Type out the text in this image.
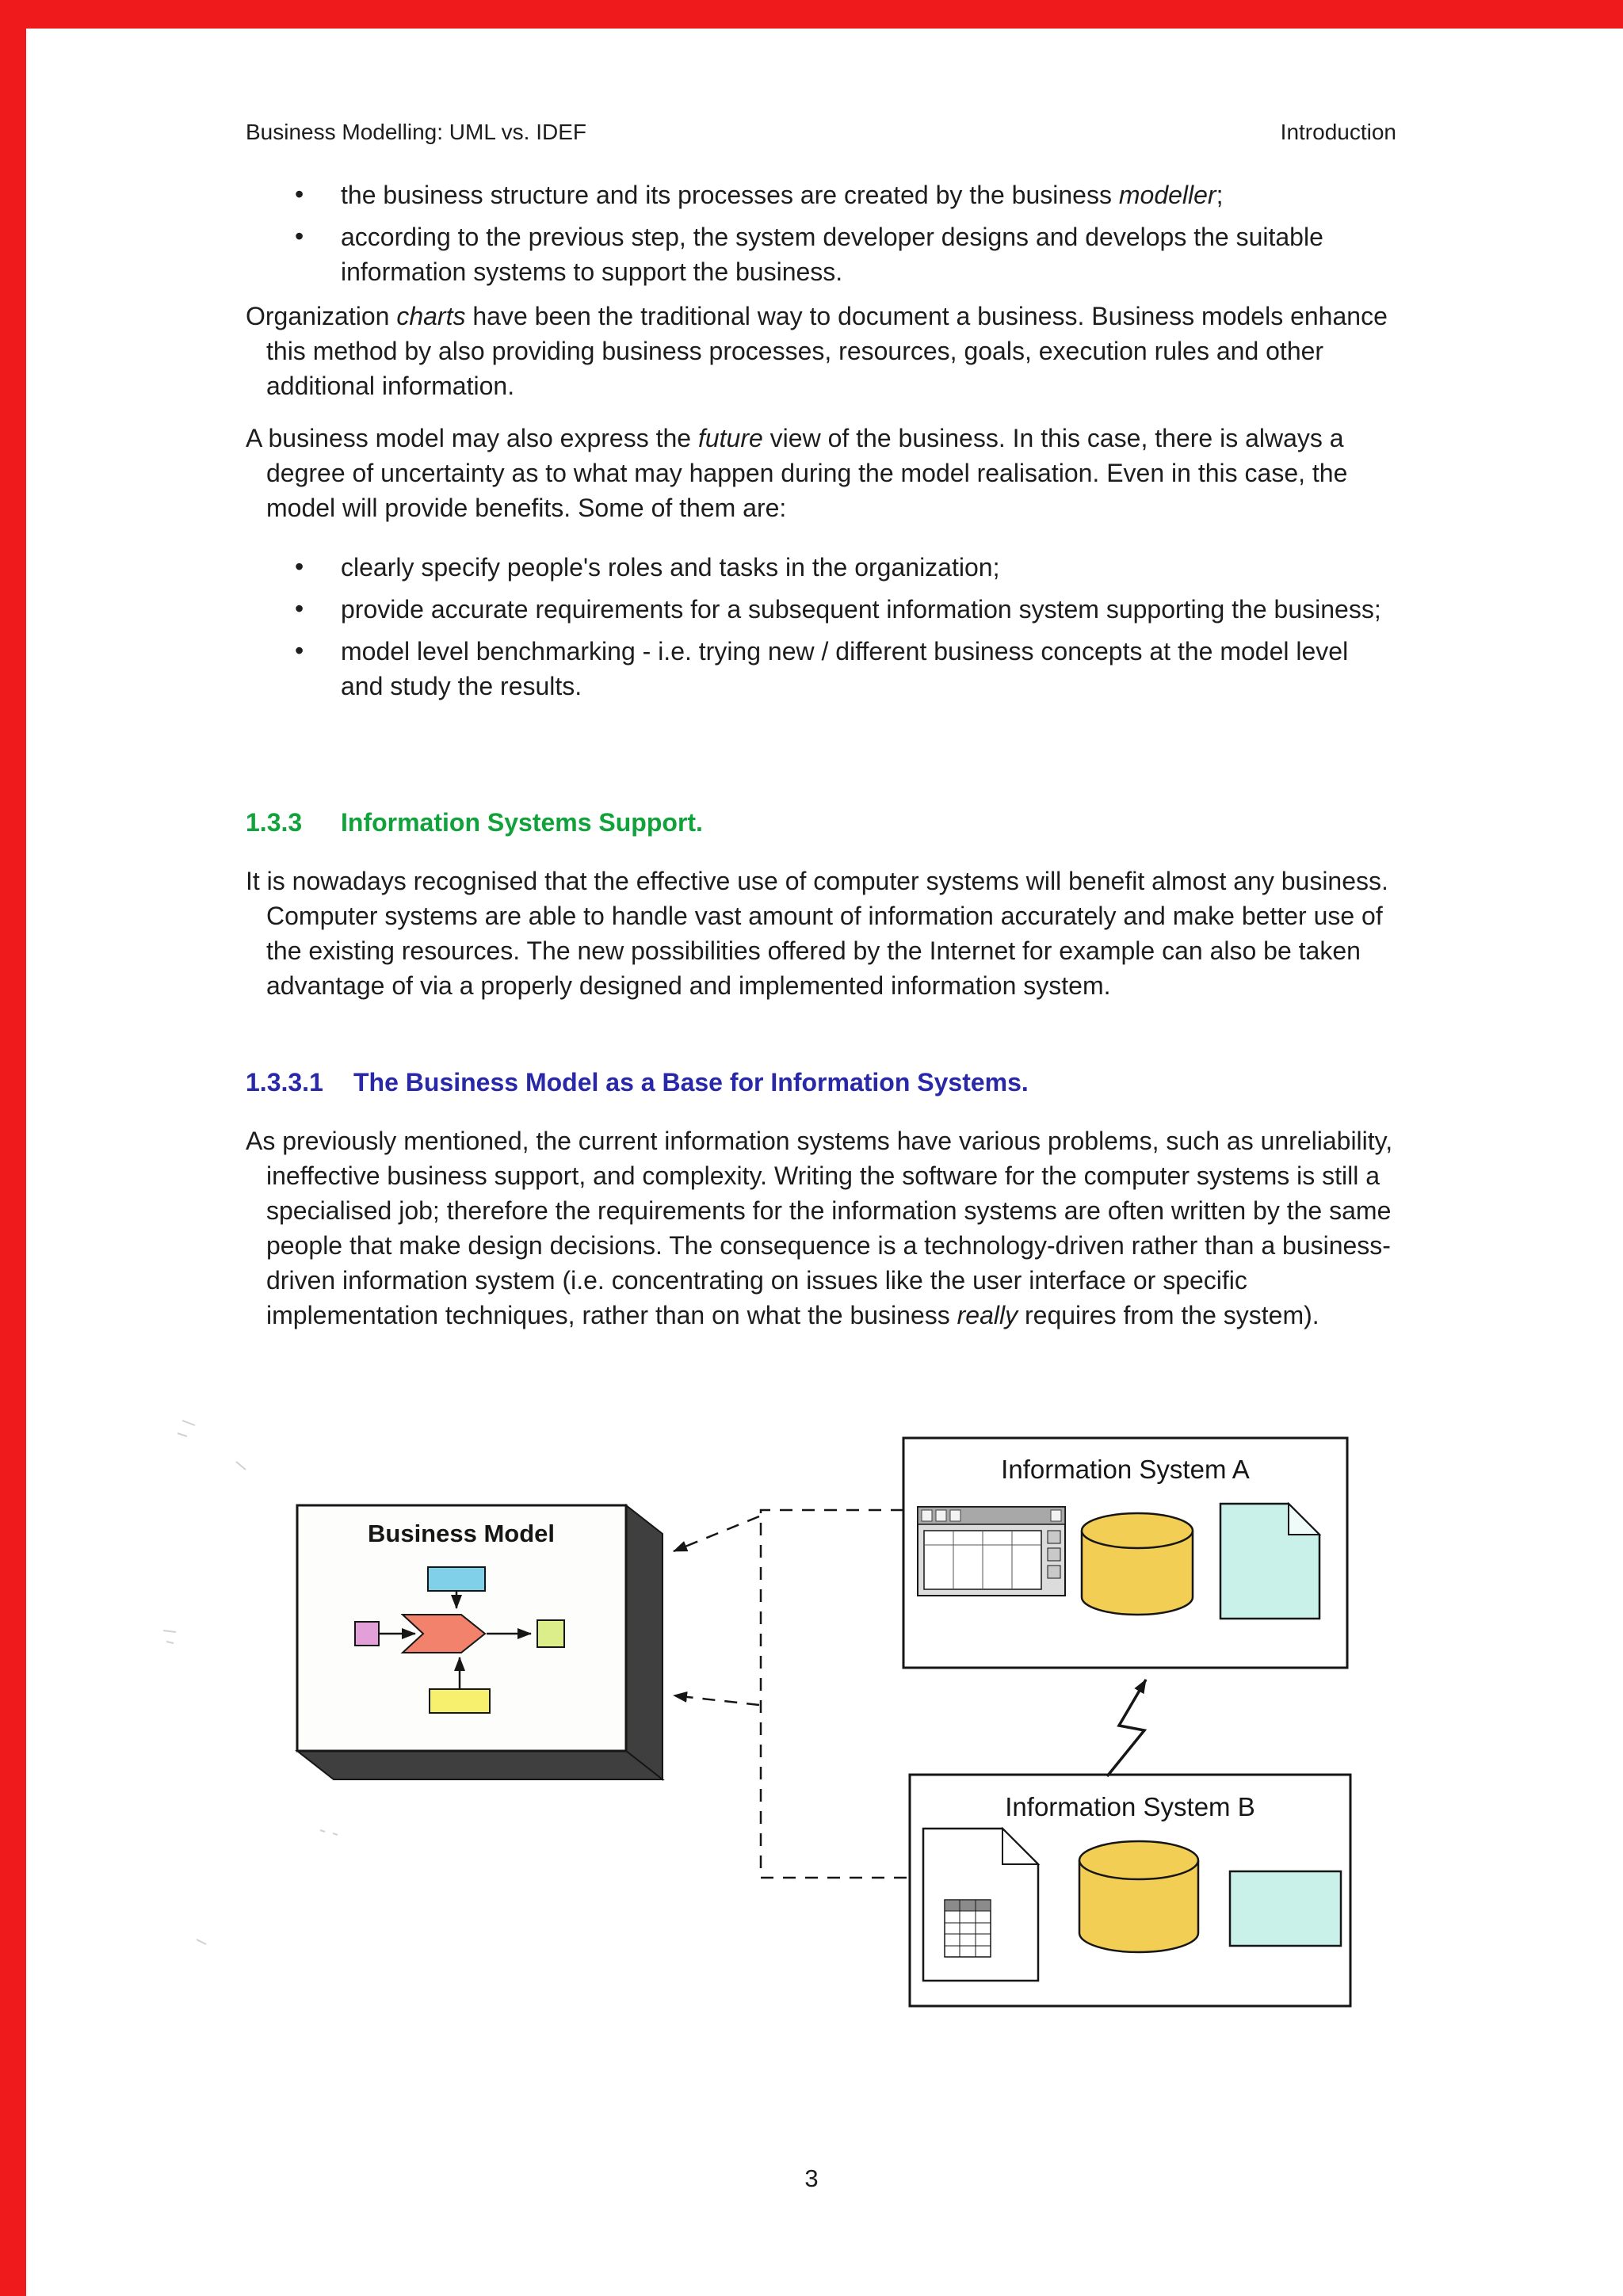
Business Modelling: UML vs. IDEF	Introduction
• the business structure and its processes are created by the business modeller;
• according to the previous step, the system developer designs and develops the suitable information systems to support the business.

Organization charts have been the traditional way to document a business. Business models enhance this method by also providing business processes, resources, goals, execution rules and other additional information.

A business model may also express the future view of the business. In this case, there is always a degree of uncertainty as to what may happen during the model realisation. Even in this case, the model will provide benefits. Some of them are:

• clearly specify people's roles and tasks in the organization;
• provide accurate requirements for a subsequent information system supporting the business;
• model level benchmarking - i.e. trying new / different business concepts at the model level and study the results.
1.3.3	Information Systems Support.

It is nowadays recognised that the effective use of computer systems will benefit almost any business. Computer systems are able to handle vast amount of information accurately and make better use of the existing resources. The new possibilities offered by the Internet for example can also be taken advantage of via a properly designed and implemented information system.

1.3.3.1	The Business Model as a Base for Information Systems.

As previously mentioned, the current information systems have various problems, such as unreliability, ineffective business support, and complexity. Writing the software for the computer systems is still a specialised job; therefore the requirements for the information systems are often written by the same people that make design decisions. The consequence is a technology-driven rather than a business-driven information system (i.e. concentrating on issues like the user interface or specific implementation techniques, rather than on what the business really requires from the system).

Business Model
Information System A
Information System B
3
